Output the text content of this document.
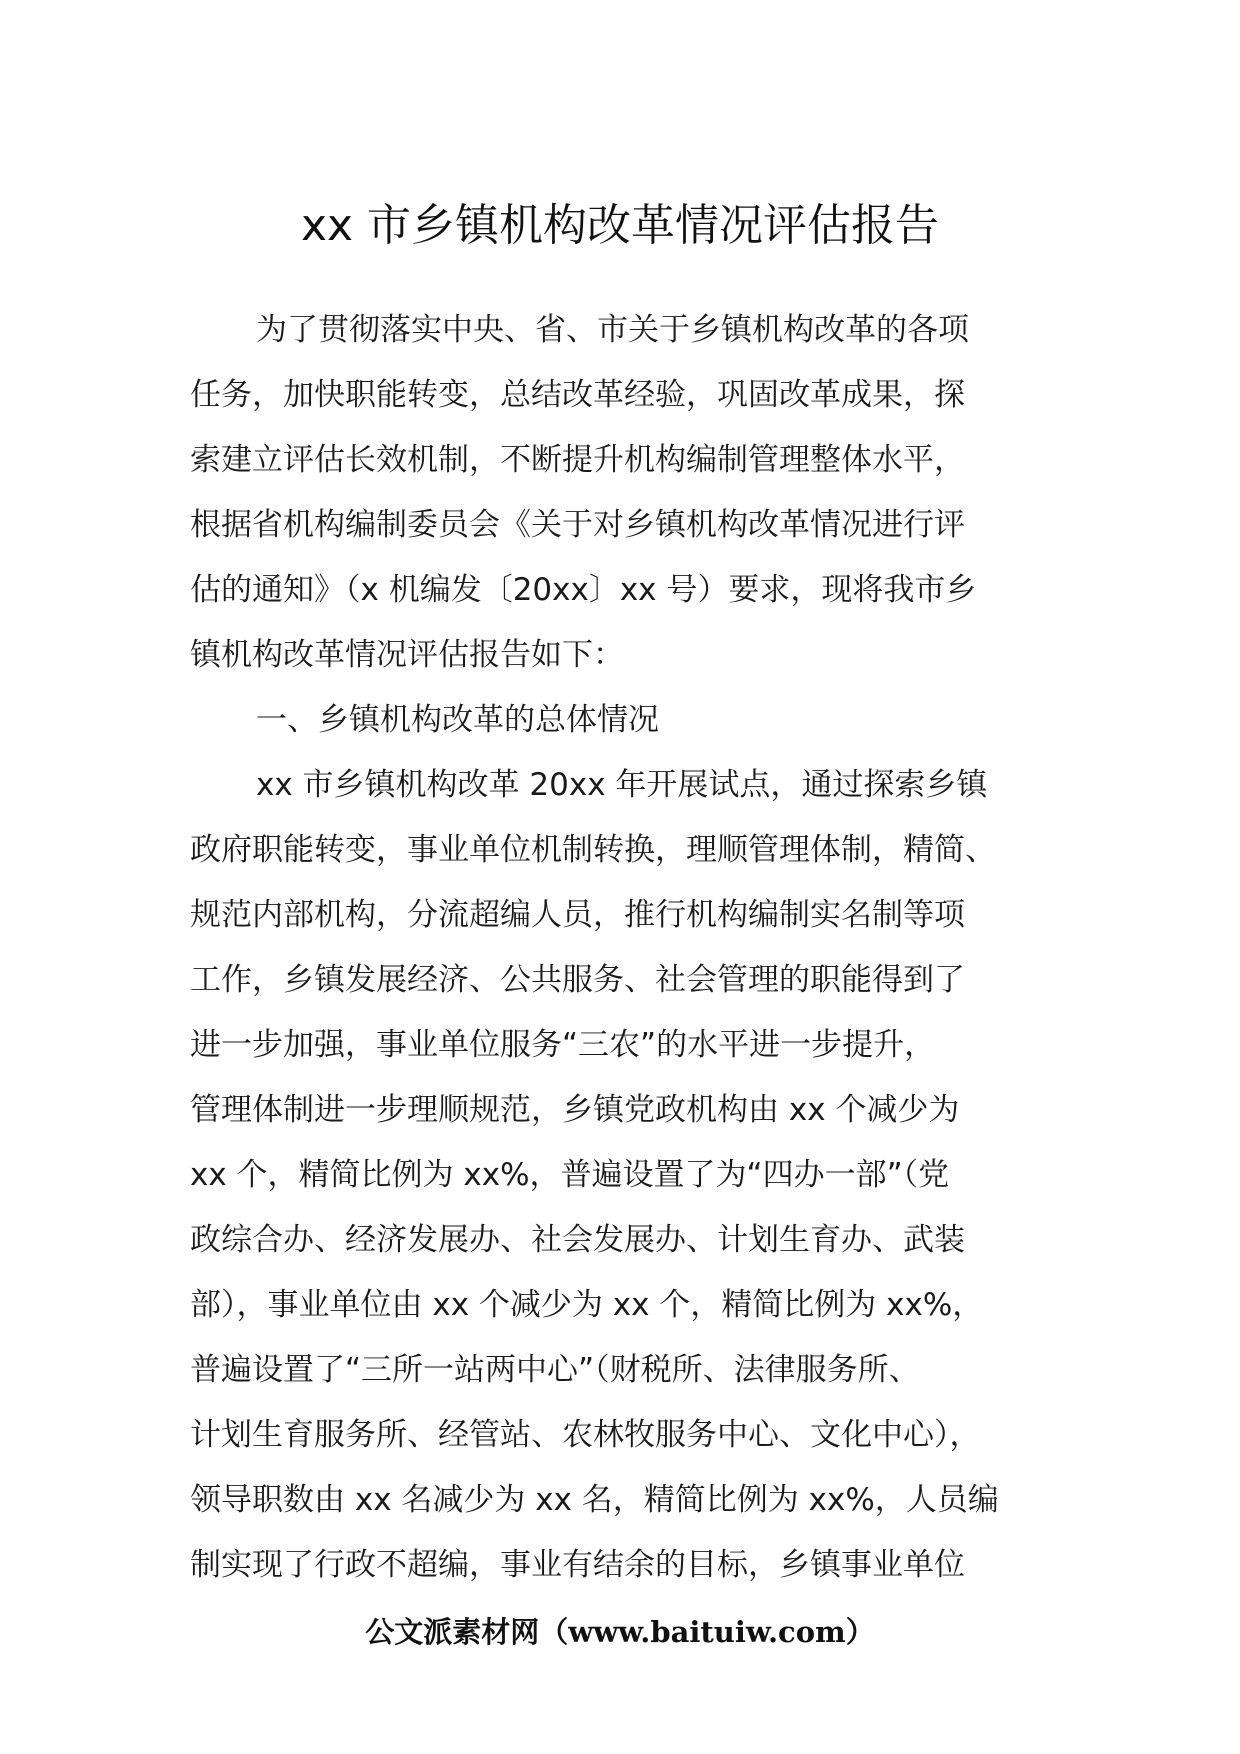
xx 市乡镇机构改革情况评估报告
为了贯彻落实中央、省、市关于乡镇机构改革的各项
任务，加快职能转变，总结改革经验，巩固改革成果，探
索建立评估长效机制，不断提升机构编制管理整体水平，
根据省机构编制委员会《关于对乡镇机构改革情况进行评
估的通知》（x 机编发〔20xx〕xx 号）要求，现将我市乡
镇机构改革情况评估报告如下：
一、乡镇机构改革的总体情况
xx 市乡镇机构改革 20xx 年开展试点，通过探索乡镇
政府职能转变，事业单位机制转换，理顺管理体制，精简、
规范内部机构，分流超编人员，推行机构编制实名制等项
工作，乡镇发展经济、公共服务、社会管理的职能得到了
进一步加强，事业单位服务“三农”的水平进一步提升，
管理体制进一步理顺规范，乡镇党政机构由 xx 个减少为
xx 个，精简比例为 xx%，普遍设置了为“四办一部”（党
政综合办、经济发展办、社会发展办、计划生育办、武装
部），事业单位由 xx 个减少为 xx 个，精简比例为 xx%，
普遍设置了“三所一站两中心”（财税所、法律服务所、
计划生育服务所、经管站、农林牧服务中心、文化中心），
领导职数由 xx 名减少为 xx 名，精简比例为 xx%，人员编
制实现了行政不超编，事业有结余的目标，乡镇事业单位
公文派素材网（www.baituiw.com）
